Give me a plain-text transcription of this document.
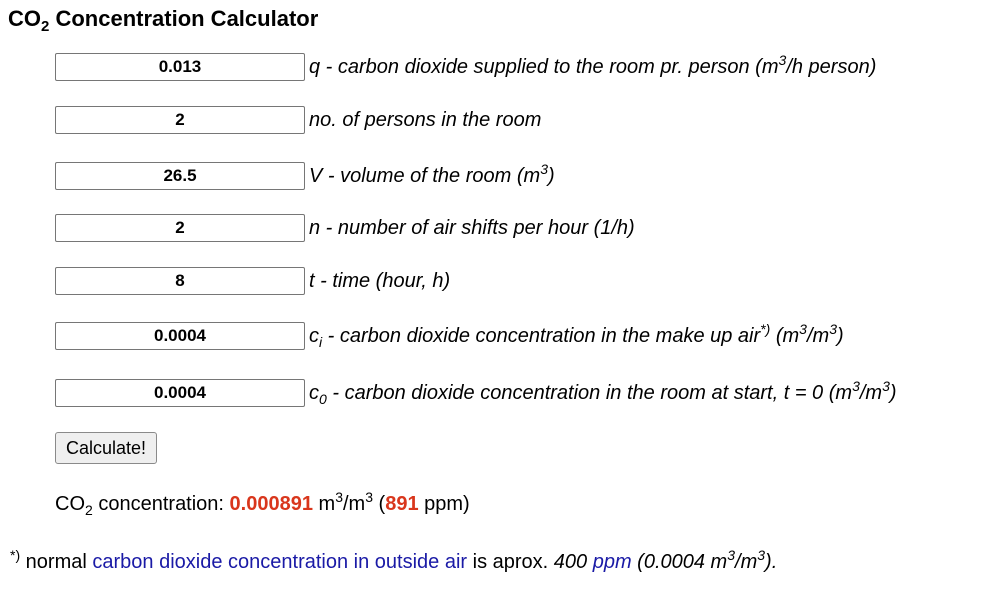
$CO_2$ Concentration Calculator
0.013
q - carbon dioxide supplied to the room pr. person ($m^3/h$ person)
2
no. of persons in the room
26.5
V - volume of the room $(m^3)$
2
n - number of air shifts per hour (1/h)
8
t - time (hour, h)
0.0004
$c_i$ - carbon dioxide concentration in the make up air*) $(m^3/m^3)$
0.0004
$c_0$ - carbon dioxide concentration in the room at start, t = 0 $(m^3/m^3)$
Calculate!
$CO_2$ concentration: 0.000891 $m^3/m^3$ (891 ppm)
*) normal carbon dioxide concentration in outside air is aprox. 400 ppm (0.0004 $m^3/m^3$).
